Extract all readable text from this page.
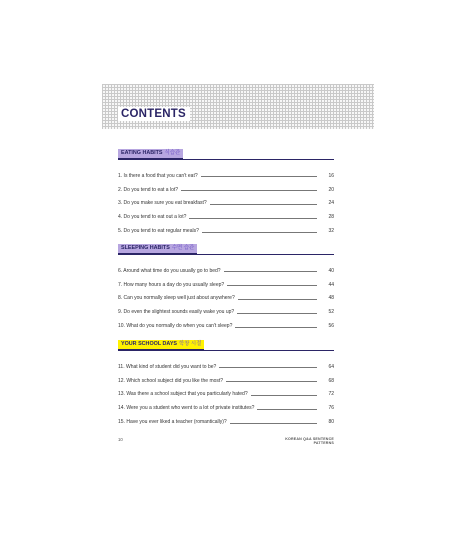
CONTENTS
EATING HABITS 식습관
1. Is there a food that you can't eat?	16
2. Do you tend to eat a lot?	20
3. Do you make sure you eat breakfast?	24
4. Do you tend to eat out a lot?	28
5. Do you tend to eat regular meals?	32
SLEEPING HABITS 수면 습관
6. Around what time do you usually go to bed?	40
7. How many hours a day do you usually sleep?	44
8. Can you normally sleep well just about anywhere?	48
9. Do even the slightest sounds easily wake you up?	52
10. What do you normally do when you can't sleep?	56
YOUR SCHOOL DAYS 학창 시절
11. What kind of student did you want to be?	64
12. Which school subject did you like the most?	68
13. Was there a school subject that you particularly hated?	72
14. Were you a student who went to a lot of private institutes?	76
15. Have you ever liked a teacher (romantically)?	80
10	KOREAN Q&A SENTENCE PATTERNS
